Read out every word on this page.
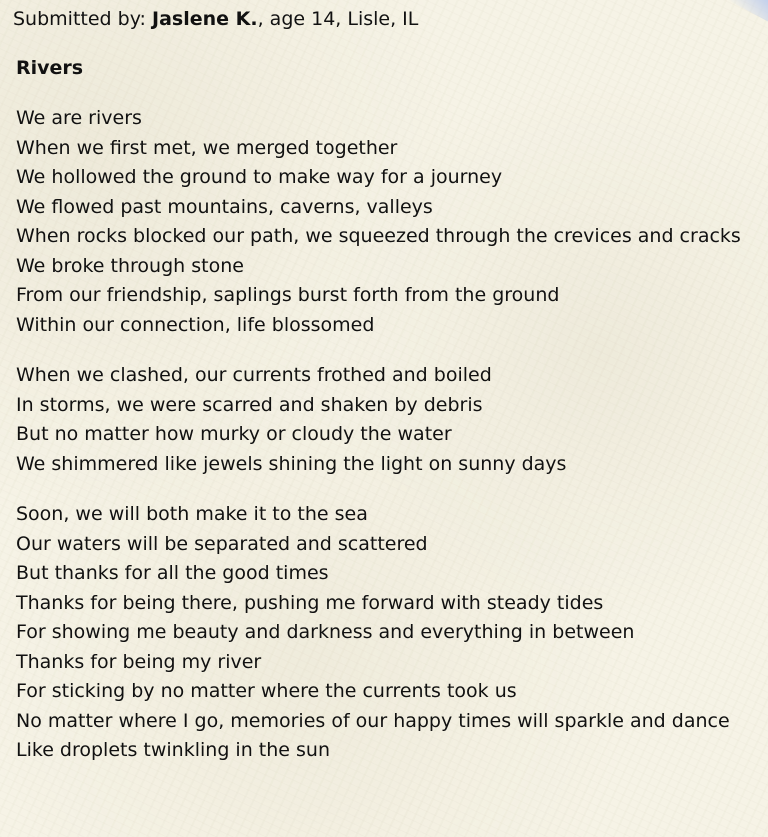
Submitted by: Jaslene K., age 14, Lisle, IL
Rivers
We are rivers
When we first met, we merged together
We hollowed the ground to make way for a journey
We flowed past mountains, caverns, valleys
When rocks blocked our path, we squeezed through the crevices and cracks
We broke through stone
From our friendship, saplings burst forth from the ground
Within our connection, life blossomed
When we clashed, our currents frothed and boiled
In storms, we were scarred and shaken by debris
But no matter how murky or cloudy the water
We shimmered like jewels shining the light on sunny days
Soon, we will both make it to the sea
Our waters will be separated and scattered
But thanks for all the good times
Thanks for being there, pushing me forward with steady tides
For showing me beauty and darkness and everything in between
Thanks for being my river
For sticking by no matter where the currents took us
No matter where I go, memories of our happy times will sparkle and dance
Like droplets twinkling in the sun
